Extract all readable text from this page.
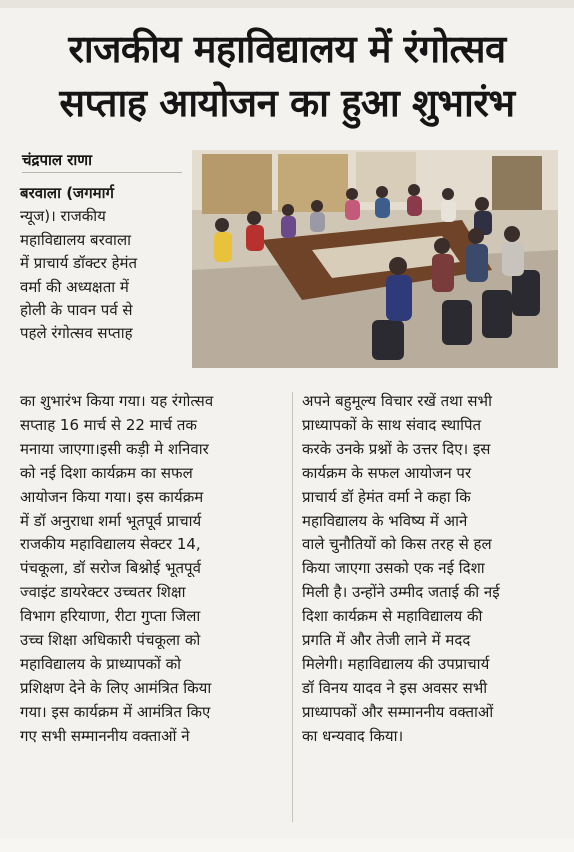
राजकीय महाविद्यालय में रंगोत्सव
सप्ताह आयोजन का हुआ शुभारंभ
चंद्रपाल राणा
बरवाला (जगमार्ग
न्यूज)। राजकीय
महाविद्यालय बरवाला
में प्राचार्य डॉक्टर हेमंत
वर्मा की अध्यक्षता में
होली के पावन पर्व से
पहले रंगोत्सव सप्ताह
का शुभारंभ किया गया। यह रंगोत्सव
सप्ताह 16 मार्च से 22 मार्च तक
मनाया जाएगा।इसी कड़ी मे शनिवार
को नई दिशा कार्यक्रम का सफल
आयोजन किया गया। इस कार्यक्रम
में डॉ अनुराधा शर्मा भूतपूर्व प्राचार्य
राजकीय महाविद्यालय सेक्टर 14,
पंचकूला, डॉ सरोज बिश्नोई भूतपूर्व
ज्वाइंट डायरेक्टर उच्चतर शिक्षा
विभाग हरियाणा, रीटा गुप्ता जिला
उच्च शिक्षा अधिकारी पंचकूला को
महाविद्यालय के प्राध्यापकों को
प्रशिक्षण देने के लिए आमंत्रित किया
गया। इस कार्यक्रम में आमंत्रित किए
गए सभी सम्माननीय वक्ताओं ने
अपने बहुमूल्य विचार रखें तथा सभी
प्राध्यापकों के साथ संवाद स्थापित
करके उनके प्रश्नों के उत्तर दिए। इस
कार्यक्रम के सफल आयोजन पर
प्राचार्य डॉ हेमंत वर्मा ने कहा कि
महाविद्यालय के भविष्य में आने
वाले चुनौतियों को किस तरह से हल
किया जाएगा उसको एक नई दिशा
मिली है। उन्होंने उम्मीद जताई की नई
दिशा कार्यक्रम से महाविद्यालय की
प्रगति में और तेजी लाने में मदद
मिलेगी। महाविद्यालय की उपप्राचार्य
डॉ विनय यादव ने इस अवसर सभी
प्राध्यापकों और सम्माननीय वक्ताओं
का धन्यवाद किया।
